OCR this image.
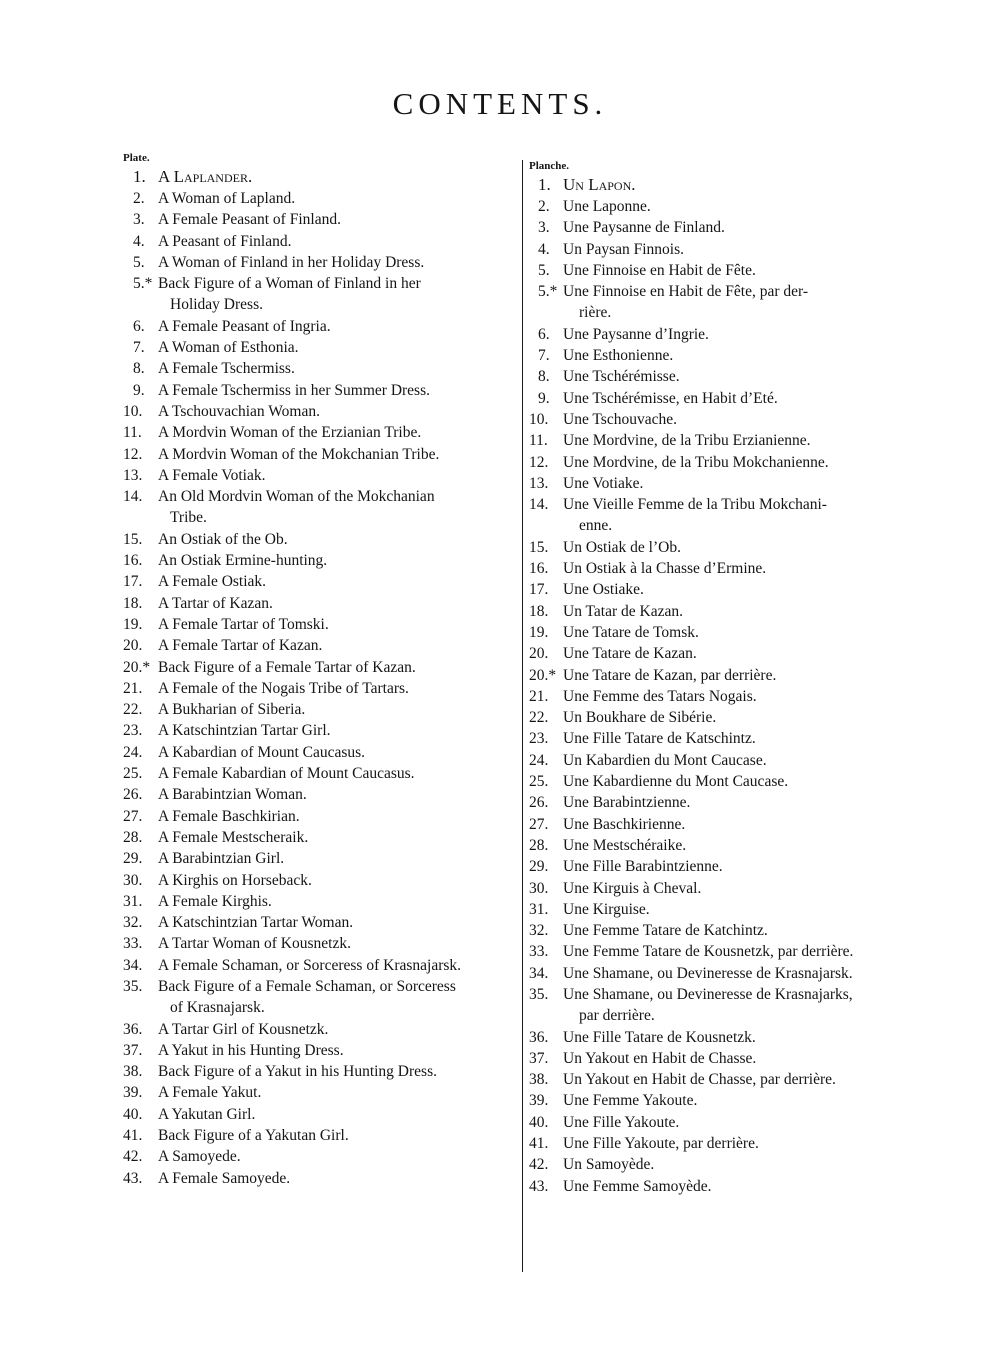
CONTENTS.
Plate.
1. A Laplander.
2. A Woman of Lapland.
3. A Female Peasant of Finland.
4. A Peasant of Finland.
5. A Woman of Finland in her Holiday Dress.
5.* Back Figure of a Woman of Finland in her
Holiday Dress.
6. A Female Peasant of Ingria.
7. A Woman of Esthonia.
8. A Female Tschermiss.
9. A Female Tschermiss in her Summer Dress.
10. A Tschouvachian Woman.
11. A Mordvin Woman of the Erzianian Tribe.
12. A Mordvin Woman of the Mokchanian Tribe.
13. A Female Votiak.
14. An Old Mordvin Woman of the Mokchanian
Tribe.
15. An Ostiak of the Ob.
16. An Ostiak Ermine-hunting.
17. A Female Ostiak.
18. A Tartar of Kazan.
19. A Female Tartar of Tomski.
20. A Female Tartar of Kazan.
20.* Back Figure of a Female Tartar of Kazan.
21. A Female of the Nogais Tribe of Tartars.
22. A Bukharian of Siberia.
23. A Katschintzian Tartar Girl.
24. A Kabardian of Mount Caucasus.
25. A Female Kabardian of Mount Caucasus.
26. A Barabintzian Woman.
27. A Female Baschkirian.
28. A Female Mestscheraik.
29. A Barabintzian Girl.
30. A Kirghis on Horseback.
31. A Female Kirghis.
32. A Katschintzian Tartar Woman.
33. A Tartar Woman of Kousnetzk.
34. A Female Schaman, or Sorceress of Krasnajarsk.
35. Back Figure of a Female Schaman, or Sorceress
of Krasnajarsk.
36. A Tartar Girl of Kousnetzk.
37. A Yakut in his Hunting Dress.
38. Back Figure of a Yakut in his Hunting Dress.
39. A Female Yakut.
40. A Yakutan Girl.
41. Back Figure of a Yakutan Girl.
42. A Samoyede.
43. A Female Samoyede.
Planche.
1. Un Lapon.
2. Une Laponne.
3. Une Paysanne de Finland.
4. Un Paysan Finnois.
5. Une Finnoise en Habit de Fête.
5.* Une Finnoise en Habit de Fête, par der-
rière.
6. Une Paysanne d’Ingrie.
7. Une Esthonienne.
8. Une Tschérémisse.
9. Une Tschérémisse, en Habit d’Eté.
10. Une Tschouvache.
11. Une Mordvine, de la Tribu Erzianienne.
12. Une Mordvine, de la Tribu Mokchanienne.
13. Une Votiake.
14. Une Vieille Femme de la Tribu Mokchani-
enne.
15. Un Ostiak de l’Ob.
16. Un Ostiak à la Chasse d’Ermine.
17. Une Ostiake.
18. Un Tatar de Kazan.
19. Une Tatare de Tomsk.
20. Une Tatare de Kazan.
20.* Une Tatare de Kazan, par derrière.
21. Une Femme des Tatars Nogais.
22. Un Boukhare de Sibérie.
23. Une Fille Tatare de Katschintz.
24. Un Kabardien du Mont Caucase.
25. Une Kabardienne du Mont Caucase.
26. Une Barabintzienne.
27. Une Baschkirienne.
28. Une Mestschéraike.
29. Une Fille Barabintzienne.
30. Une Kirguis à Cheval.
31. Une Kirguise.
32. Une Femme Tatare de Katchintz.
33. Une Femme Tatare de Kousnetzk, par derrière.
34. Une Shamane, ou Devineresse de Krasnajarsk.
35. Une Shamane, ou Devineresse de Krasnajarks,
par derrière.
36. Une Fille Tatare de Kousnetzk.
37. Un Yakout en Habit de Chasse.
38. Un Yakout en Habit de Chasse, par derrière.
39. Une Femme Yakoute.
40. Une Fille Yakoute.
41. Une Fille Yakoute, par derrière.
42. Un Samoyède.
43. Une Femme Samoyède.
